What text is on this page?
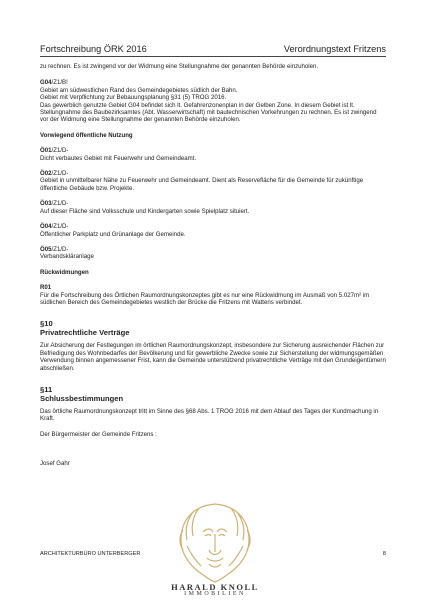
Fortschreibung ÖRK 2016	Verordnungstext Fritzens

zu rechnen. Es ist zwingend vor der Widmung eine Stellungnahme der genannten Behörde einzuholen.

G04/Z1/B!

Gebiet am südwestlichen Rand des Gemeindegebietes südlich der Bahn.

Gebiet mit Verpflichtung zur Bebauungsplanung §31 (5) TROG 2016.

Das gewerblich genutzte Gebiet G04 befindet sich lt. Gefahrenzonenplan in der Gelben Zone. In diesem Gebiet ist lt. Stellungnahme des Baubezirksamtes (Abt. Wasserwirtschaft) mit bautechnischen Vorkehrungen zu rechnen. Es ist zwingend vor der Widmung eine Stellungnahme der genannten Behörde einzuholen.

Vorwiegend öffentliche Nutzung

Ö01/Z1/D-

Dicht verbautes Gebiet mit Feuerwehr und Gemeindeamt.

Ö02/Z1/D-

Gebiet in unmittelbarer Nähe zu Feuerwehr und Gemeindeamt. Dient als Reservefläche für die Gemeinde für zukünftige öffentliche Gebäude bzw. Projekte.

Ö03/Z1/D-

Auf dieser Fläche sind Volksschule und Kindergarten sowie Spielplatz situiert.

Ö04/Z1/D-

Öffentlicher Parkplatz und Grünanlage der Gemeinde.

Ö05/Z1/D-

Verbandskläranlage

Rückwidmungen

R01

Für die Fortschreibung des Örtlichen Raumordnungskonzeptes gibt es nur eine Rückwidmung im Ausmaß von 5.027m² im südlichen Bereich des Gemeindegebietes westlich der Brücke die Fritzens mit Wattens verbindet.

§10

Privatrechtliche Verträge

Zur Absicherung der Festlegungen im örtlichen Raumordnungskonzept, insbesondere zur Sicherung ausreichender Flächen zur Befriedigung des Wohnbedarfes der Bevölkerung und für gewerbliche Zwecke sowie zur Sicherstellung der widmungsgemäßen Verwendung binnen angemessener Frist, kann die Gemeinde unterstützend privatrechtliche Verträge mit den Grundeigentümern abschließen.

§11

Schlussbestimmungen

Das örtliche Raumordnungskonzept tritt im Sinne des §68 Abs. 1 TROG 2016 mit dem Ablauf des Tages der Kundmachung in Kraft.

Der Bürgermeister der Gemeinde Fritzens :

Josef Gahr

ARCHITEKTURBÜRO UNTERBERGER	8
HARALD KNOLL
IMMOBILIEN
